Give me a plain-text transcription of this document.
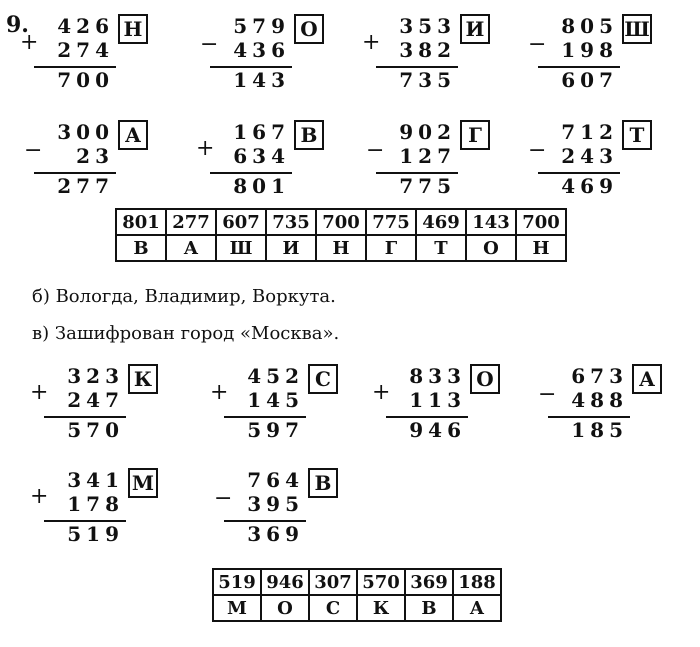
9.
+
426
274
700
Н
−
579
436
143
О
+
353
382
735
И
−
805
198
607
Ш
−
300
23
277
А
+
167
634
801
В
−
902
127
775
Г
−
712
243
469
Т
801	277	607	735	700	775	469	143	700
В	А	Ш	И	Н	Г	Т	О	Н
б) Вологда, Владимир, Воркута.
в) Зашифрован город «Москва».
+
323
247
570
К
+
452
145
597
С
+
833
113
946
О
−
673
488
185
А
+
341
178
519
М
−
764
395
369
В
519	946	307	570	369	188
М	О	С	К	В	А
